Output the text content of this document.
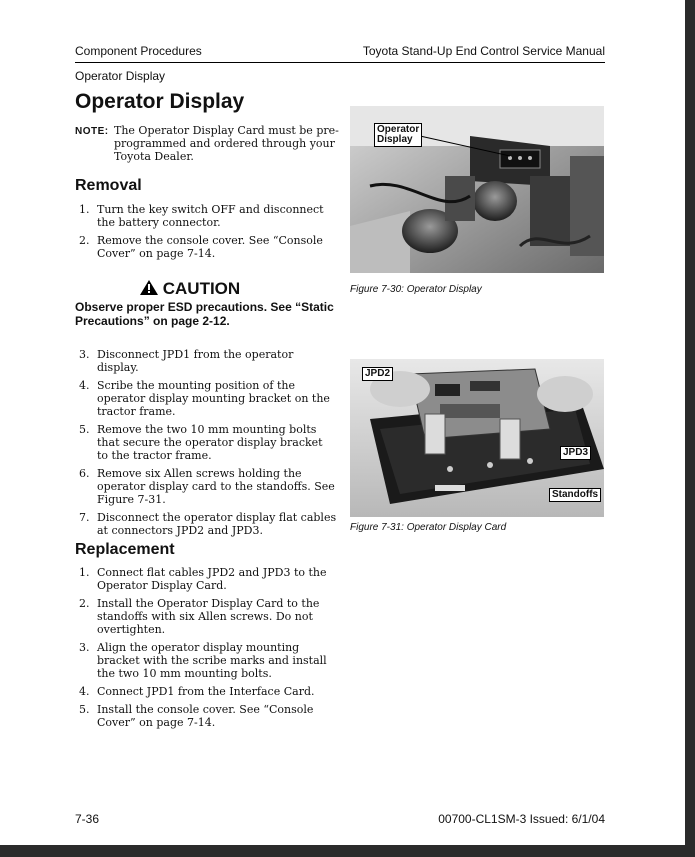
Component Procedures	Toyota Stand-Up End Control Service Manual
Operator Display
Operator Display
NOTE: The Operator Display Card must be pre-programmed and ordered through your Toyota Dealer.
Removal
1. Turn the key switch OFF and disconnect the battery connector.
2. Remove the console cover. See “Console Cover” on page 7-14.
CAUTION
Observe proper ESD precautions. See “Static Precautions” on page 2-12.
3. Disconnect JPD1 from the operator display.
4. Scribe the mounting position of the operator display mounting bracket on the tractor frame.
5. Remove the two 10 mm mounting bolts that secure the operator display bracket to the tractor frame.
6. Remove six Allen screws holding the operator display card to the standoffs. See Figure 7-31.
7. Disconnect the operator display flat cables at connectors JPD2 and JPD3.
Replacement
1. Connect flat cables JPD2 and JPD3 to the Operator Display Card.
2. Install the Operator Display Card to the standoffs with six Allen screws. Do not overtighten.
3. Align the operator display mounting bracket with the scribe marks and install the two 10 mm mounting bolts.
4. Connect JPD1 from the Interface Card.
5. Install the console cover. See “Console Cover” on page 7-14.
Operator
Display
Figure 7-30: Operator Display
JPD2
JPD3
Standoffs
Figure 7-31: Operator Display Card
7-36	00700-CL1SM-3 Issued: 6/1/04
